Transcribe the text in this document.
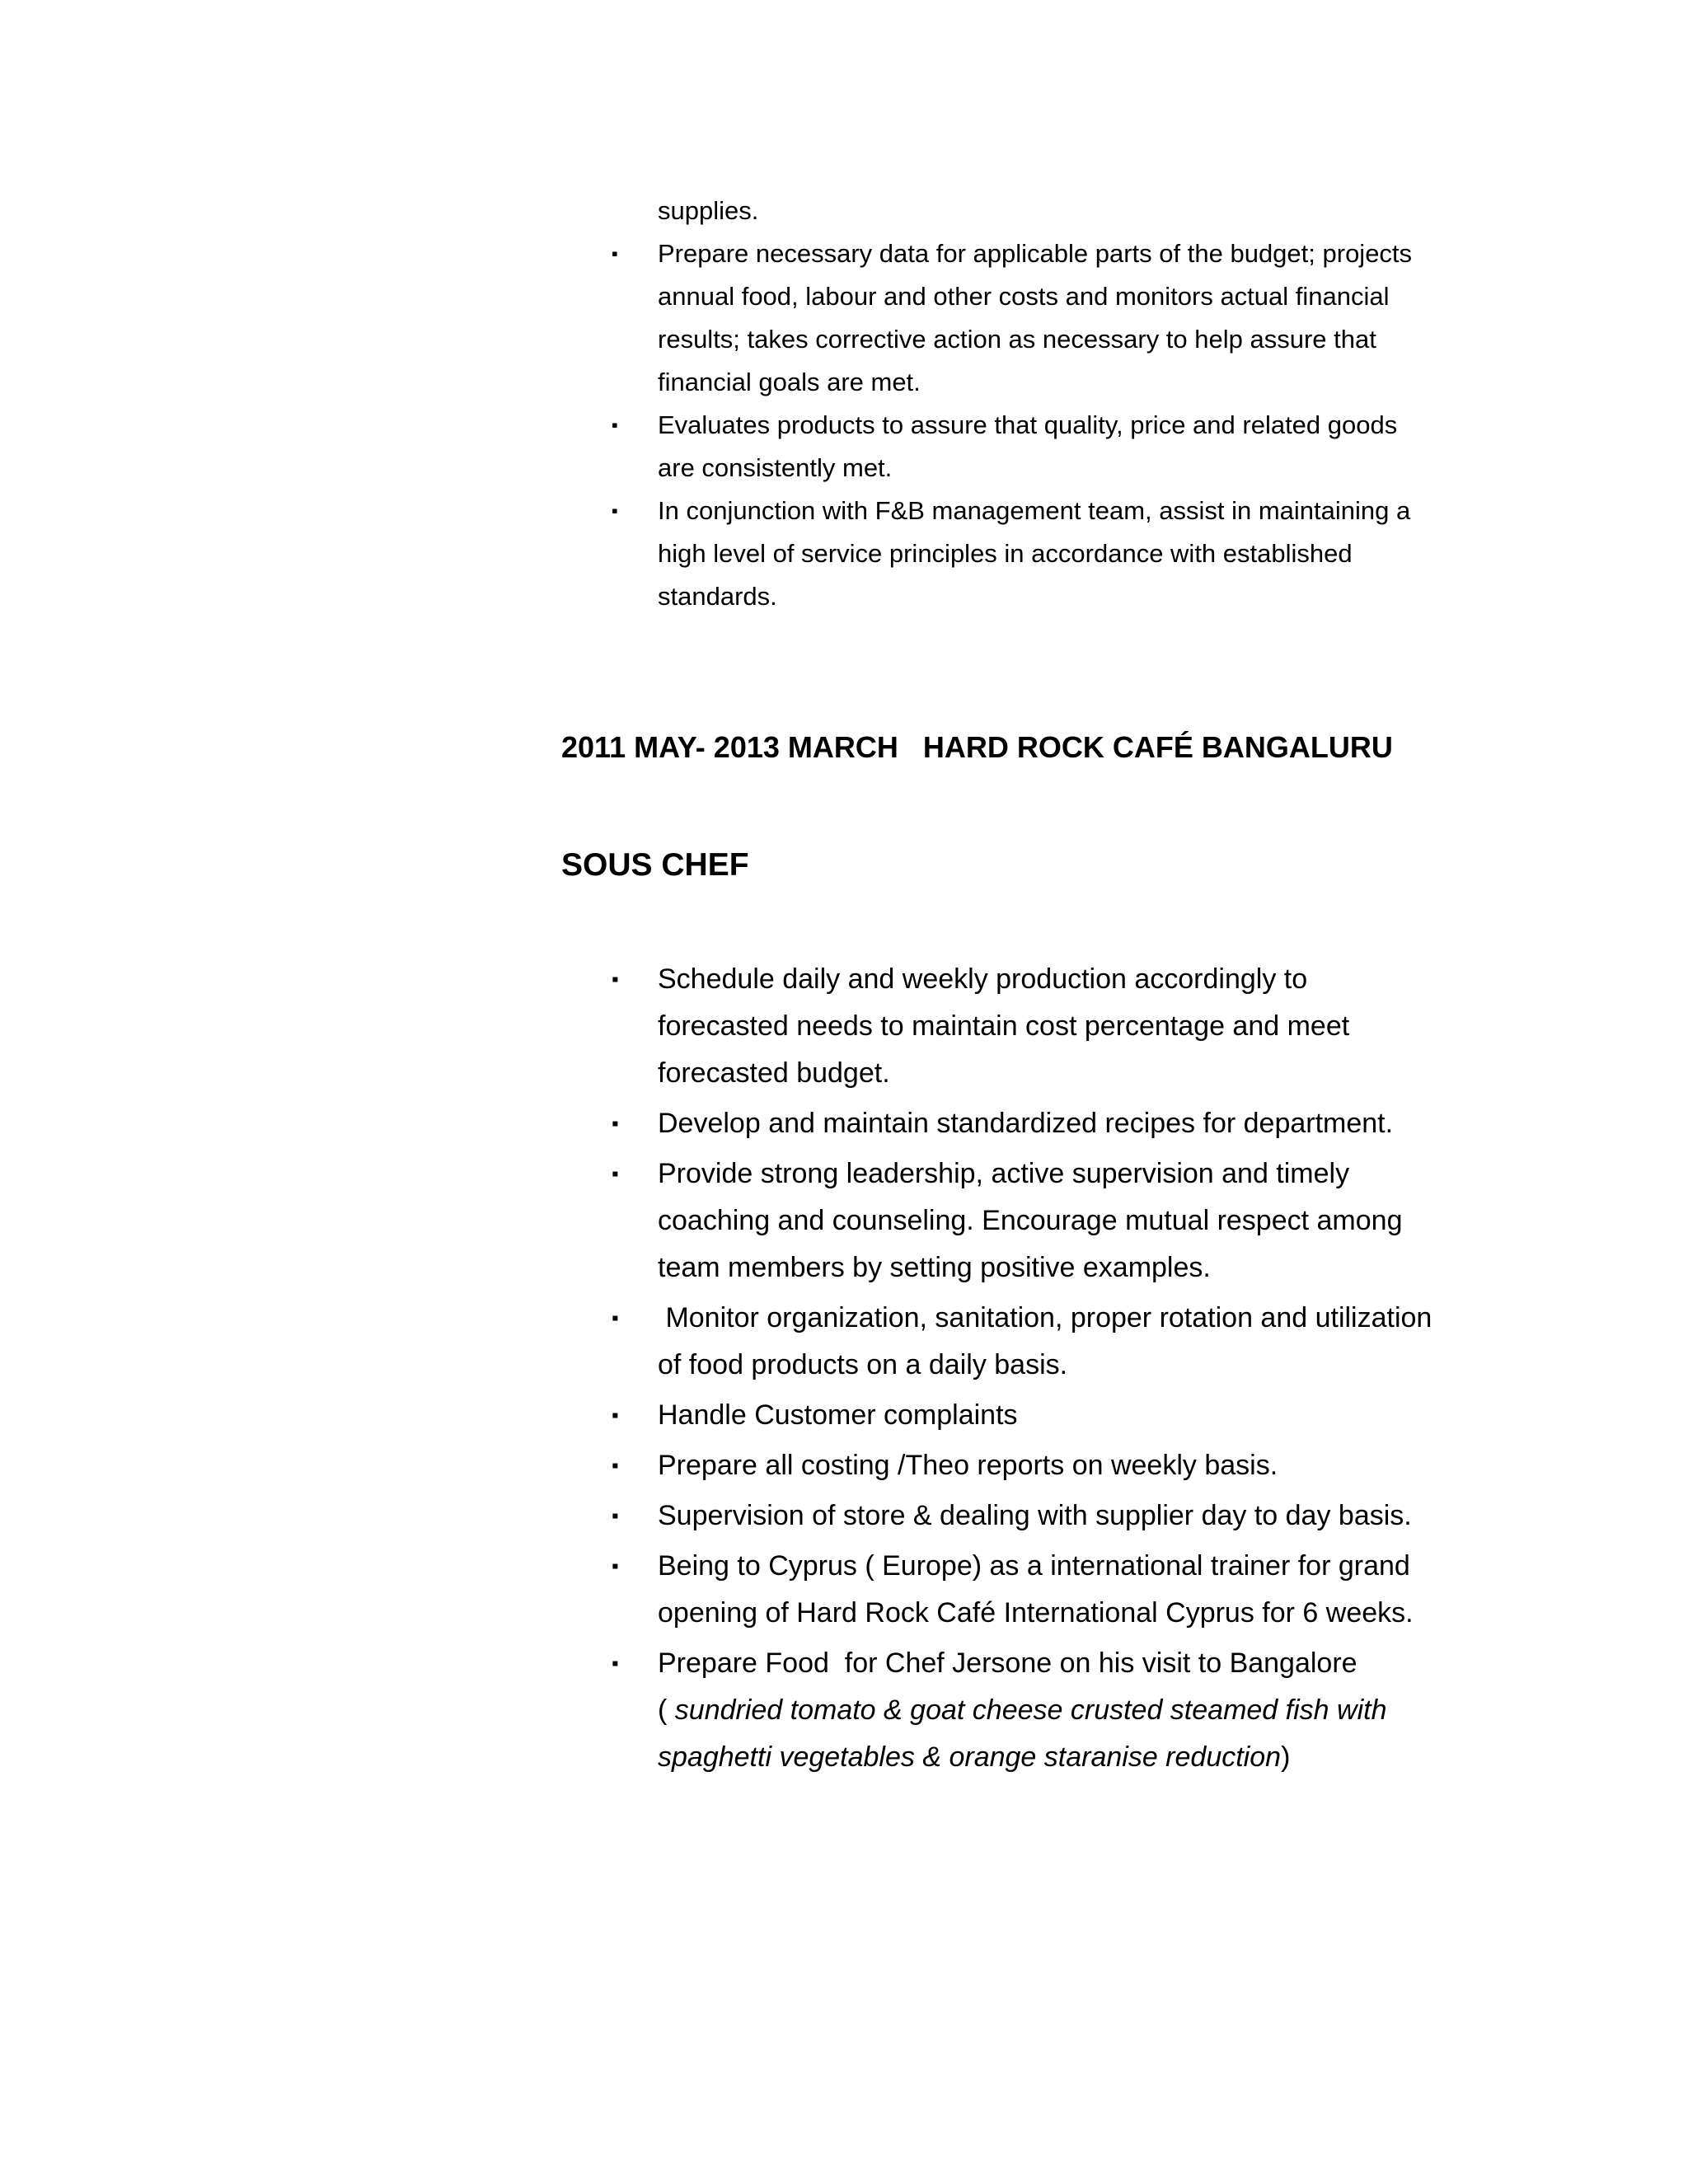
supplies.
▪ Prepare necessary data for applicable parts of the budget; projects annual food, labour and other costs and monitors actual financial results; takes corrective action as necessary to help assure that financial goals are met.
▪ Evaluates products to assure that quality, price and related goods are consistently met.
▪ In conjunction with F&B management team, assist in maintaining a high level of service principles in accordance with established standards.
2011 MAY- 2013 MARCH HARD ROCK CAFÉ BANGALURU
SOUS CHEF
▪ Schedule daily and weekly production accordingly to forecasted needs to maintain cost percentage and meet forecasted budget.
▪ Develop and maintain standardized recipes for department.
▪ Provide strong leadership, active supervision and timely coaching and counseling. Encourage mutual respect among team members by setting positive examples.
▪ Monitor organization, sanitation, proper rotation and utilization of food products on a daily basis.
▪ Handle Customer complaints
▪ Prepare all costing /Theo reports on weekly basis.
▪ Supervision of store & dealing with supplier day to day basis.
▪ Being to Cyprus ( Europe) as a international trainer for grand opening of Hard Rock Café International Cyprus for 6 weeks.
▪ Prepare Food  for Chef Jersone on his visit to Bangalore
( sundried tomato & goat cheese crusted steamed fish with spaghetti vegetables & orange staranise reduction)
